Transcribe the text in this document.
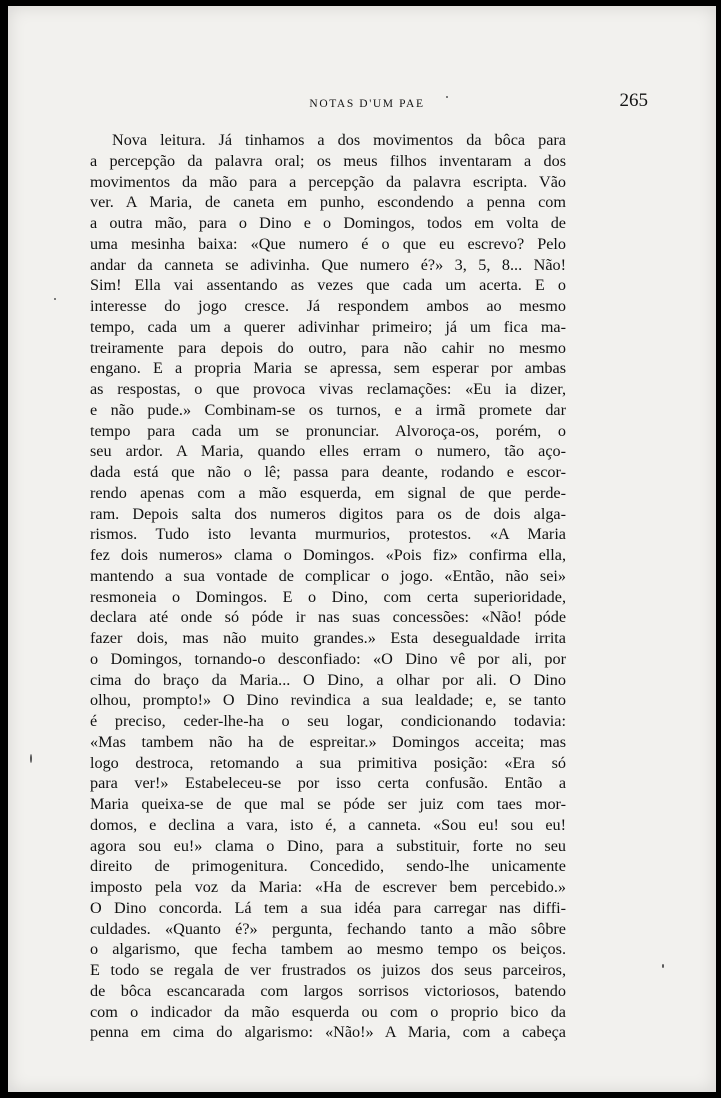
NOTAS D'UM PAE	265
Nova leitura. Já tinhamos a dos movimentos da bôca para
a percepção da palavra oral; os meus filhos inventaram a dos
movimentos da mão para a percepção da palavra escripta. Vão
ver. A Maria, de caneta em punho, escondendo a penna com
a outra mão, para o Dino e o Domingos, todos em volta de
uma mesinha baixa: «Que numero é o que eu escrevo? Pelo
andar da canneta se adivinha. Que numero é?» 3, 5, 8... Não!
Sim! Ella vai assentando as vezes que cada um acerta. E o
interesse do jogo cresce. Já respondem ambos ao mesmo
tempo, cada um a querer adivinhar primeiro; já um fica ma-
treiramente para depois do outro, para não cahir no mesmo
engano. E a propria Maria se apressa, sem esperar por ambas
as respostas, o que provoca vivas reclamações: «Eu ia dizer,
e não pude.» Combinam-se os turnos, e a irmã promete dar
tempo para cada um se pronunciar. Alvoroça-os, porém, o
seu ardor. A Maria, quando elles erram o numero, tão açο-
dada está que não o lê; passa para deante, rodando e escor-
rendo apenas com a mão esquerda, em signal de que perde-
ram. Depois salta dos numeros digitos para os de dois alga-
rismos. Tudo isto levanta murmurios, protestos. «A Maria
fez dois numeros» clama o Domingos. «Pois fiz» confirma ella,
mantendo a sua vontade de complicar o jogo. «Então, não sei»
resmoneia o Domingos. E o Dino, com certa superioridade,
declara até onde só póde ir nas suas concessões: «Não! póde
fazer dois, mas não muito grandes.» Esta desegualdade irrita
o Domingos, tornando-o desconfiado: «O Dino vê por ali, por
cima do braço da Maria... O Dino, a olhar por ali. O Dino
olhou, prompto!» O Dino revindica a sua lealdade; e, se tanto
é preciso, ceder-lhe-ha o seu logar, condicionando todavia:
«Mas tambem não ha de espreitar.» Domingos acceita; mas
logo destroca, retomando a sua primitiva posição: «Era só
para ver!» Estabeleceu-se por isso certa confusão. Então a
Maria queixa-se de que mal se póde ser juiz com taes mor-
domos, e declina a vara, isto é, a canneta. «Sou eu! sou eu!
agora sou eu!» clama o Dino, para a substituir, forte no seu
direito de primogenitura. Concedido, sendo-lhe unicamente
imposto pela voz da Maria: «Ha de escrever bem percebido.»
O Dino concorda. Lá tem a sua idéa para carregar nas diffi-
culdades. «Quanto é?» pergunta, fechando tanto a mão sôbre
o algarismo, que fecha tambem ao mesmo tempo os beiços.
E todo se regala de ver frustrados os juizos dos seus parceiros,
de bôca escancarada com largos sorrisos victoriosos, batendo
com o indicador da mão esquerda ou com o proprio bico da
penna em cima do algarismo: «Não!» A Maria, com a cabeça
